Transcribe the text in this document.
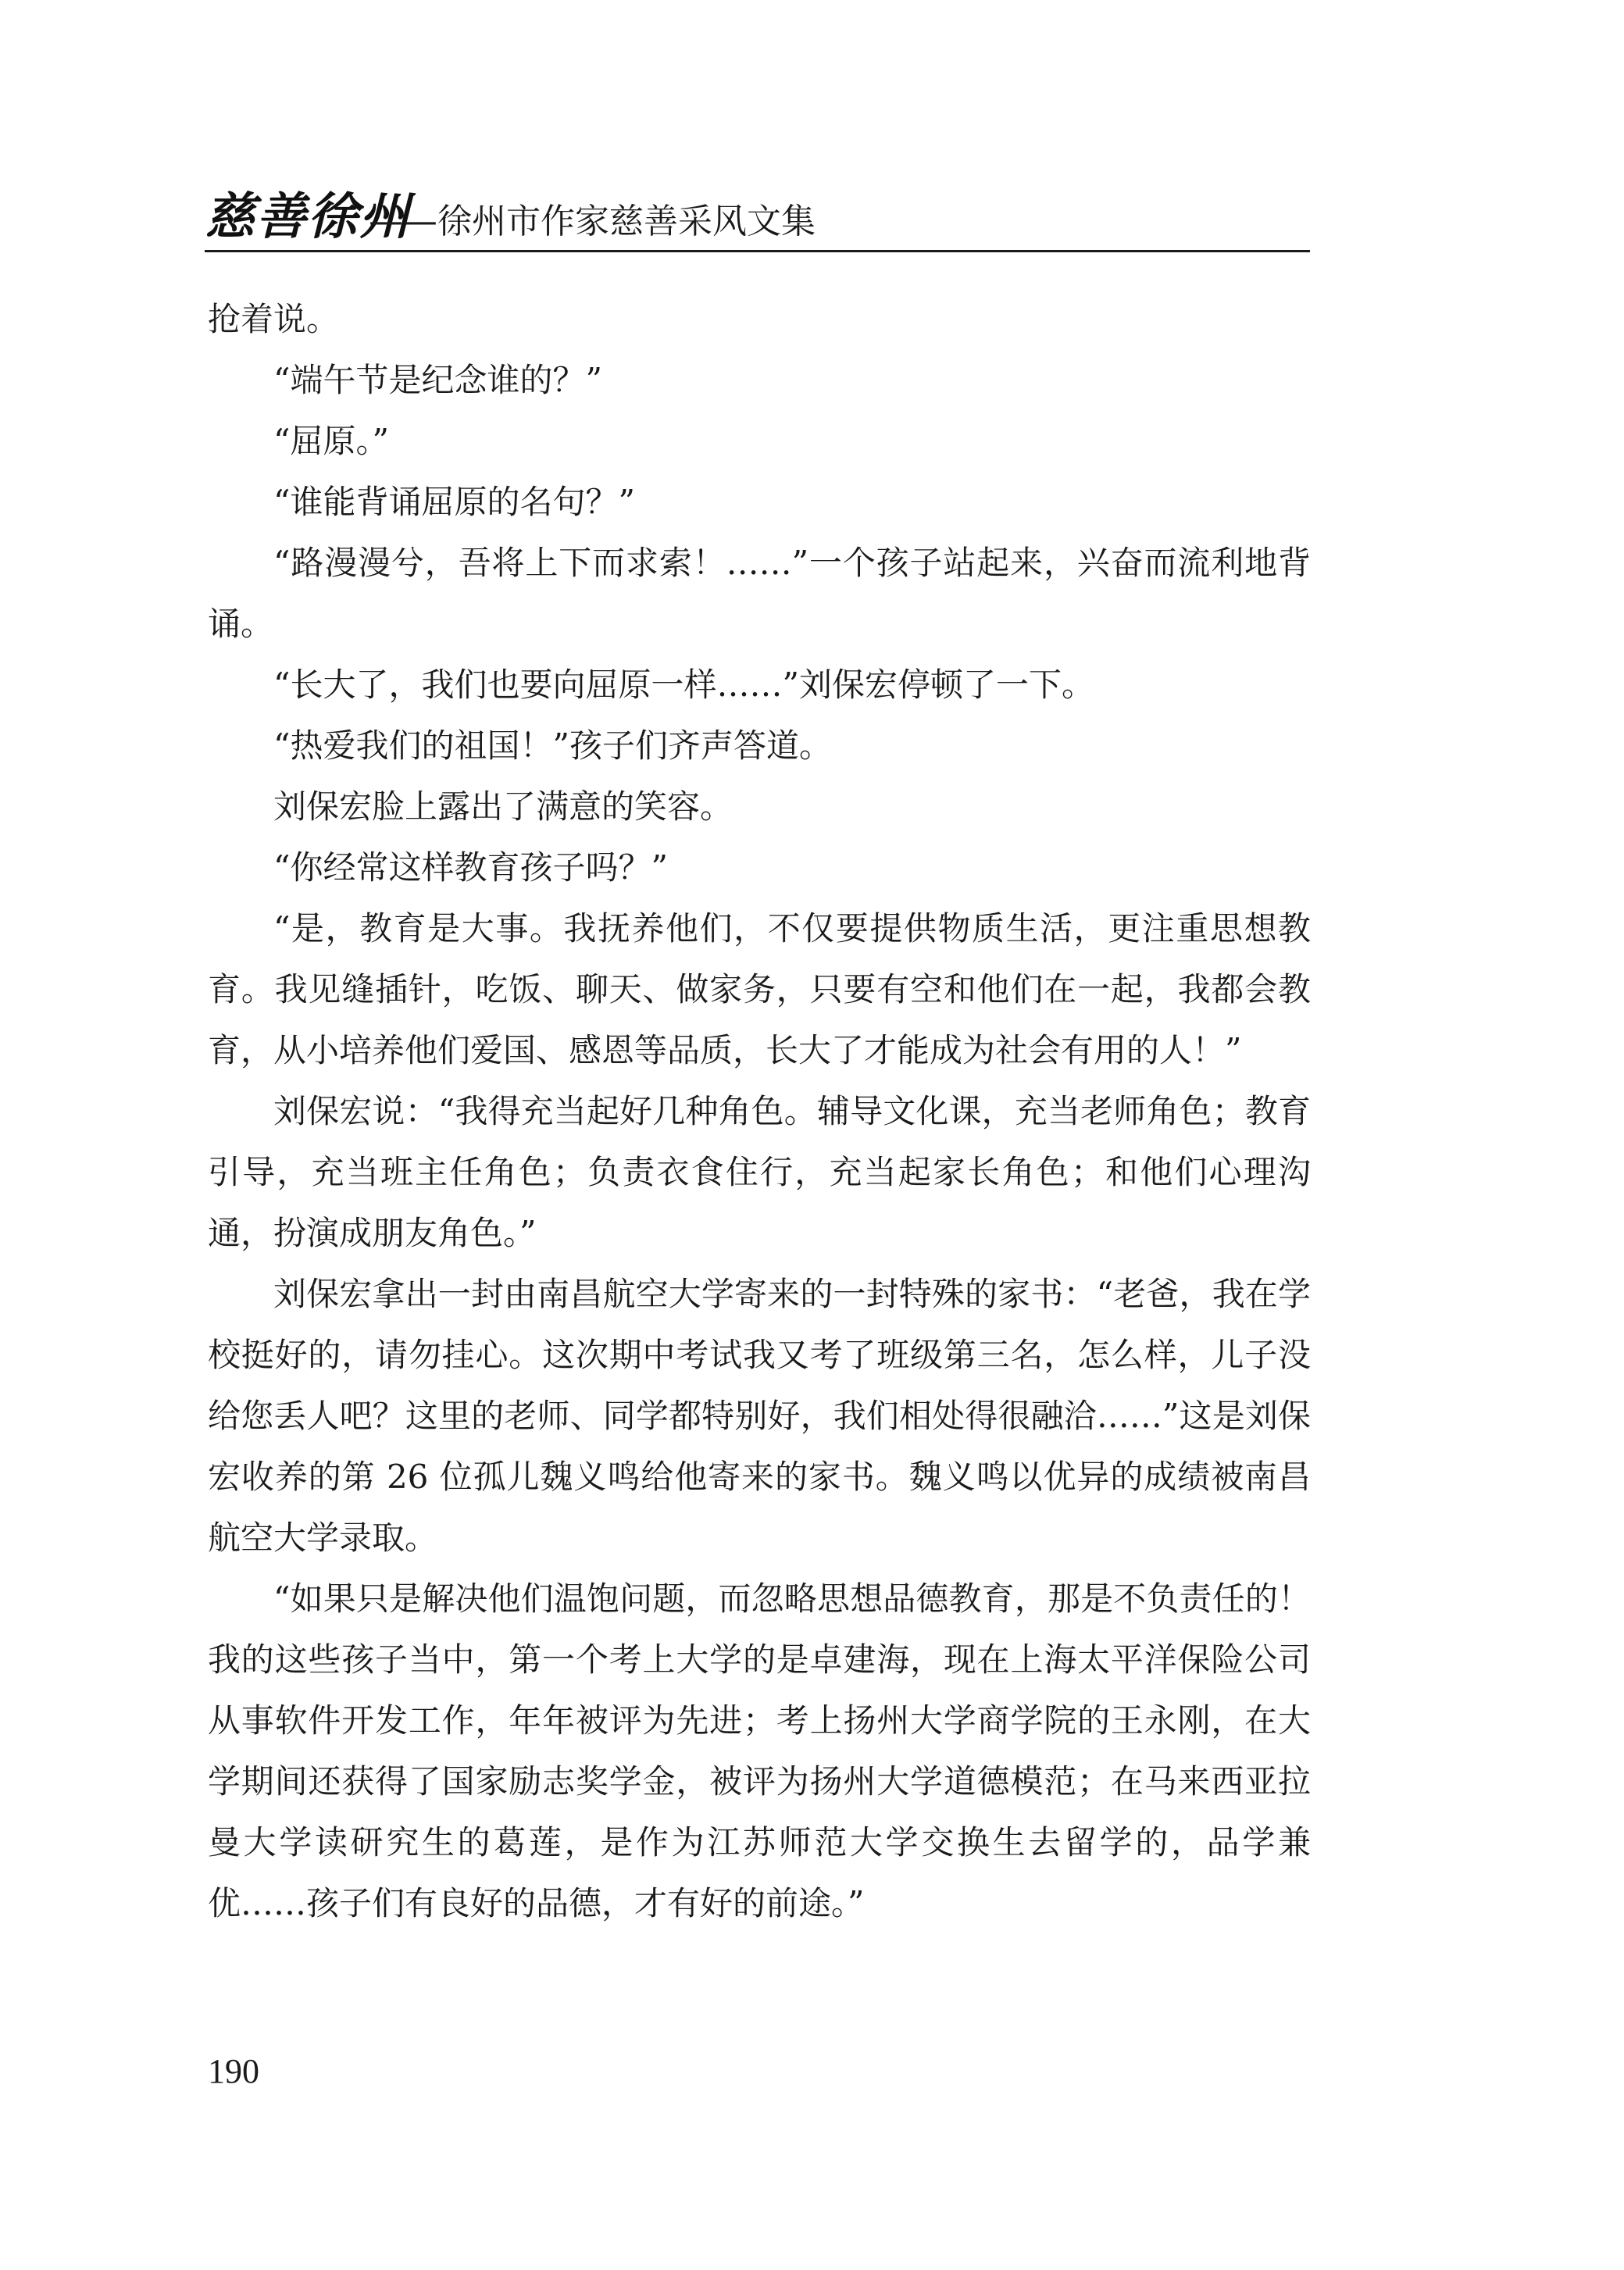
慈善徐州
——徐州市作家慈善采风文集

抢着说。

“端午节是纪念谁的？”

“屈原。”

“谁能背诵屈原的名句？”

“路漫漫兮，吾将上下而求索！……”一个孩子站起来，兴奋而流利地背诵。

“长大了，我们也要向屈原一样……”刘保宏停顿了一下。

“热爱我们的祖国！”孩子们齐声答道。

刘保宏脸上露出了满意的笑容。

“你经常这样教育孩子吗？”

“是，教育是大事。我抚养他们，不仅要提供物质生活，更注重思想教育。我见缝插针，吃饭、聊天、做家务，只要有空和他们在一起，我都会教育，从小培养他们爱国、感恩等品质，长大了才能成为社会有用的人！”

刘保宏说：“我得充当起好几种角色。辅导文化课，充当老师角色；教育引导，充当班主任角色；负责衣食住行，充当起家长角色；和他们心理沟通，扮演成朋友角色。”

刘保宏拿出一封由南昌航空大学寄来的一封特殊的家书：“老爸，我在学校挺好的，请勿挂心。这次期中考试我又考了班级第三名，怎么样，儿子没给您丢人吧？这里的老师、同学都特别好，我们相处得很融洽……”这是刘保宏收养的第 26 位孤儿魏义鸣给他寄来的家书。魏义鸣以优异的成绩被南昌航空大学录取。

“如果只是解决他们温饱问题，而忽略思想品德教育，那是不负责任的！我的这些孩子当中，第一个考上大学的是卓建海，现在上海太平洋保险公司从事软件开发工作，年年被评为先进；考上扬州大学商学院的王永刚，在大学期间还获得了国家励志奖学金，被评为扬州大学道德模范；在马来西亚拉曼大学读研究生的葛莲，是作为江苏师范大学交换生去留学的，品学兼优……孩子们有良好的品德，才有好的前途。”

190
